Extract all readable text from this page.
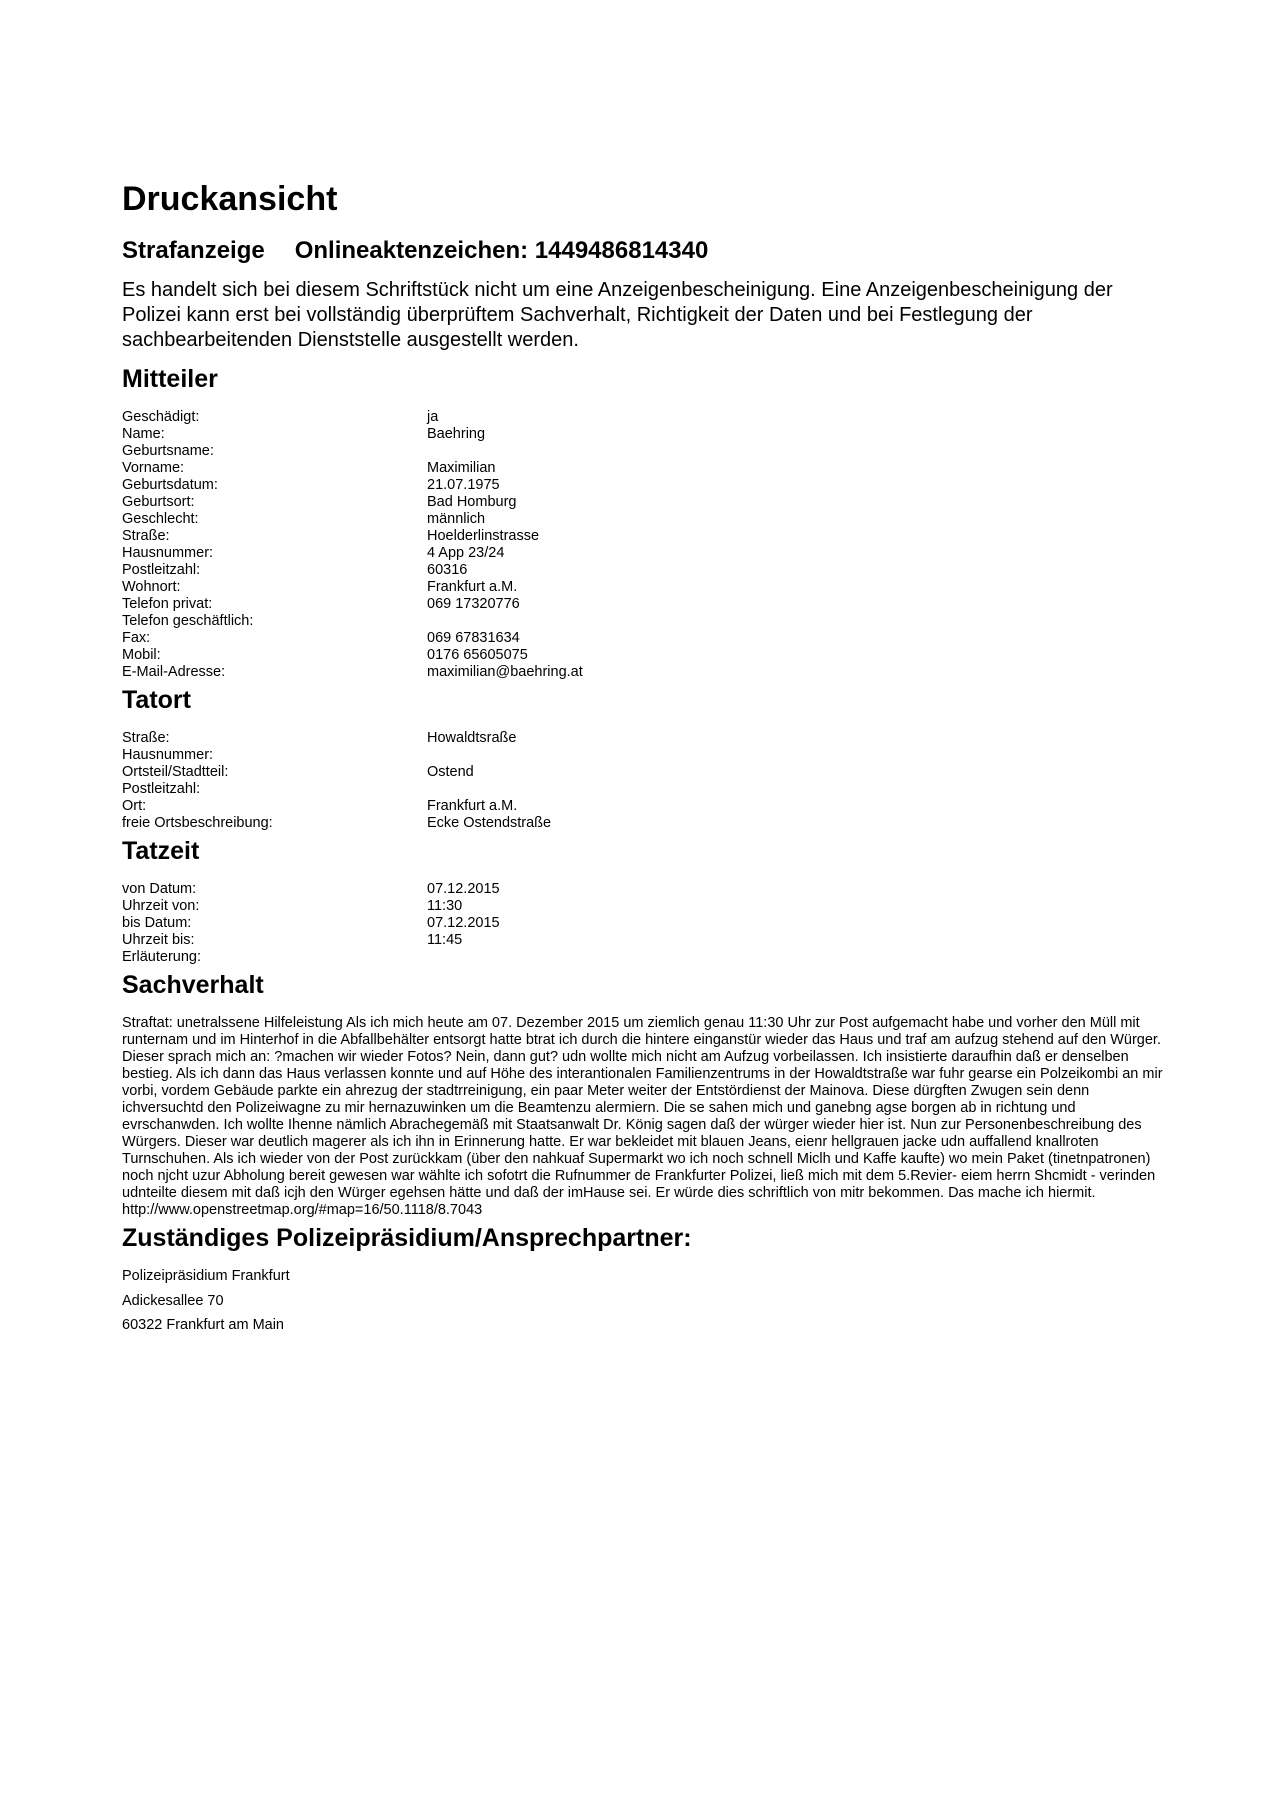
Druckansicht
Strafanzeige Onlineaktenzeichen: 1449486814340

Es handelt sich bei diesem Schriftstück nicht um eine Anzeigenbescheinigung. Eine Anzeigenbescheinigung der Polizei kann erst bei vollständig überprüftem Sachverhalt, Richtigkeit der Daten und bei Festlegung der sachbearbeitenden Dienststelle ausgestellt werden.

Mitteiler
Geschädigt:	ja
Name:	Baehring
Geburtsname:
Vorname:	Maximilian
Geburtsdatum:	21.07.1975
Geburtsort:	Bad Homburg
Geschlecht:	männlich
Straße:	Hoelderlinstrasse
Hausnummer:	4 App 23/24
Postleitzahl:	60316
Wohnort:	Frankfurt a.M.
Telefon privat:	069 17320776
Telefon geschäftlich:
Fax:	069 67831634
Mobil:	0176 65605075
E-Mail-Adresse:	maximilian@baehring.at
Tatort
Straße:	Howaldtsraße
Hausnummer:
Ortsteil/Stadtteil:	Ostend
Postleitzahl:
Ort:	Frankfurt a.M.
freie Ortsbeschreibung:	Ecke Ostendstraße
Tatzeit
von Datum:	07.12.2015
Uhrzeit von:	11:30
bis Datum:	07.12.2015
Uhrzeit bis:	11:45
Erläuterung:
Sachverhalt
Straftat: unetralssene Hilfeleistung Als ich mich heute am 07. Dezember 2015 um ziemlich genau 11:30 Uhr zur Post aufgemacht habe und vorher den Müll mit runternam und im Hinterhof in die Abfallbehälter entsorgt hatte btrat ich durch die hintere einganstür wieder das Haus und traf am aufzug stehend auf den Würger. Dieser sprach mich an: ?machen wir wieder Fotos? Nein, dann gut? udn wollte mich nicht am Aufzug vorbeilassen. Ich insistierte daraufhin daß er denselben bestieg. Als ich dann das Haus verlassen konnte und auf Höhe des interantionalen Familienzentrums in der Howaldtstraße war fuhr gearse ein Polzeikombi an mir vorbi, vordem Gebäude parkte ein ahrezug der stadtrreinigung, ein paar Meter weiter der Entstördienst der Mainova. Diese dürgften Zwugen sein denn ichversuchtd den Polizeiwagne zu mir hernazuwinken um die Beamtenzu alermiern. Die se sahen mich und ganebng agse borgen ab in richtung und evrschanwden. Ich wollte Ihenne nämlich Abrachegemäß mit Staatsanwalt Dr. König sagen daß der würger wieder hier ist. Nun zur Personenbeschreibung des Würgers. Dieser war deutlich magerer als ich ihn in Erinnerung hatte. Er war bekleidet mit blauen Jeans, eienr hellgrauen jacke udn auffallend knallroten Turnschuhen. Als ich wieder von der Post zurückkam (über den nahkuaf Supermarkt wo ich noch schnell Miclh und Kaffe kaufte) wo mein Paket (tinetnpatronen) noch njcht uzur Abholung bereit gewesen war wählte ich sofotrt die Rufnummer de Frankfurter Polizei, ließ mich mit dem 5.Revier- eiem herrn Shcmidt - verinden udnteilte diesem mit daß icjh den Würger egehsen hätte und daß der imHause sei. Er würde dies schriftlich von mitr bekommen. Das mache ich hiermit. http://www.openstreetmap.org/#map=16/50.1118/8.7043
Zuständiges Polizeipräsidium/Ansprechpartner:
Polizeipräsidium Frankfurt
Adickesallee 70
60322 Frankfurt am Main
